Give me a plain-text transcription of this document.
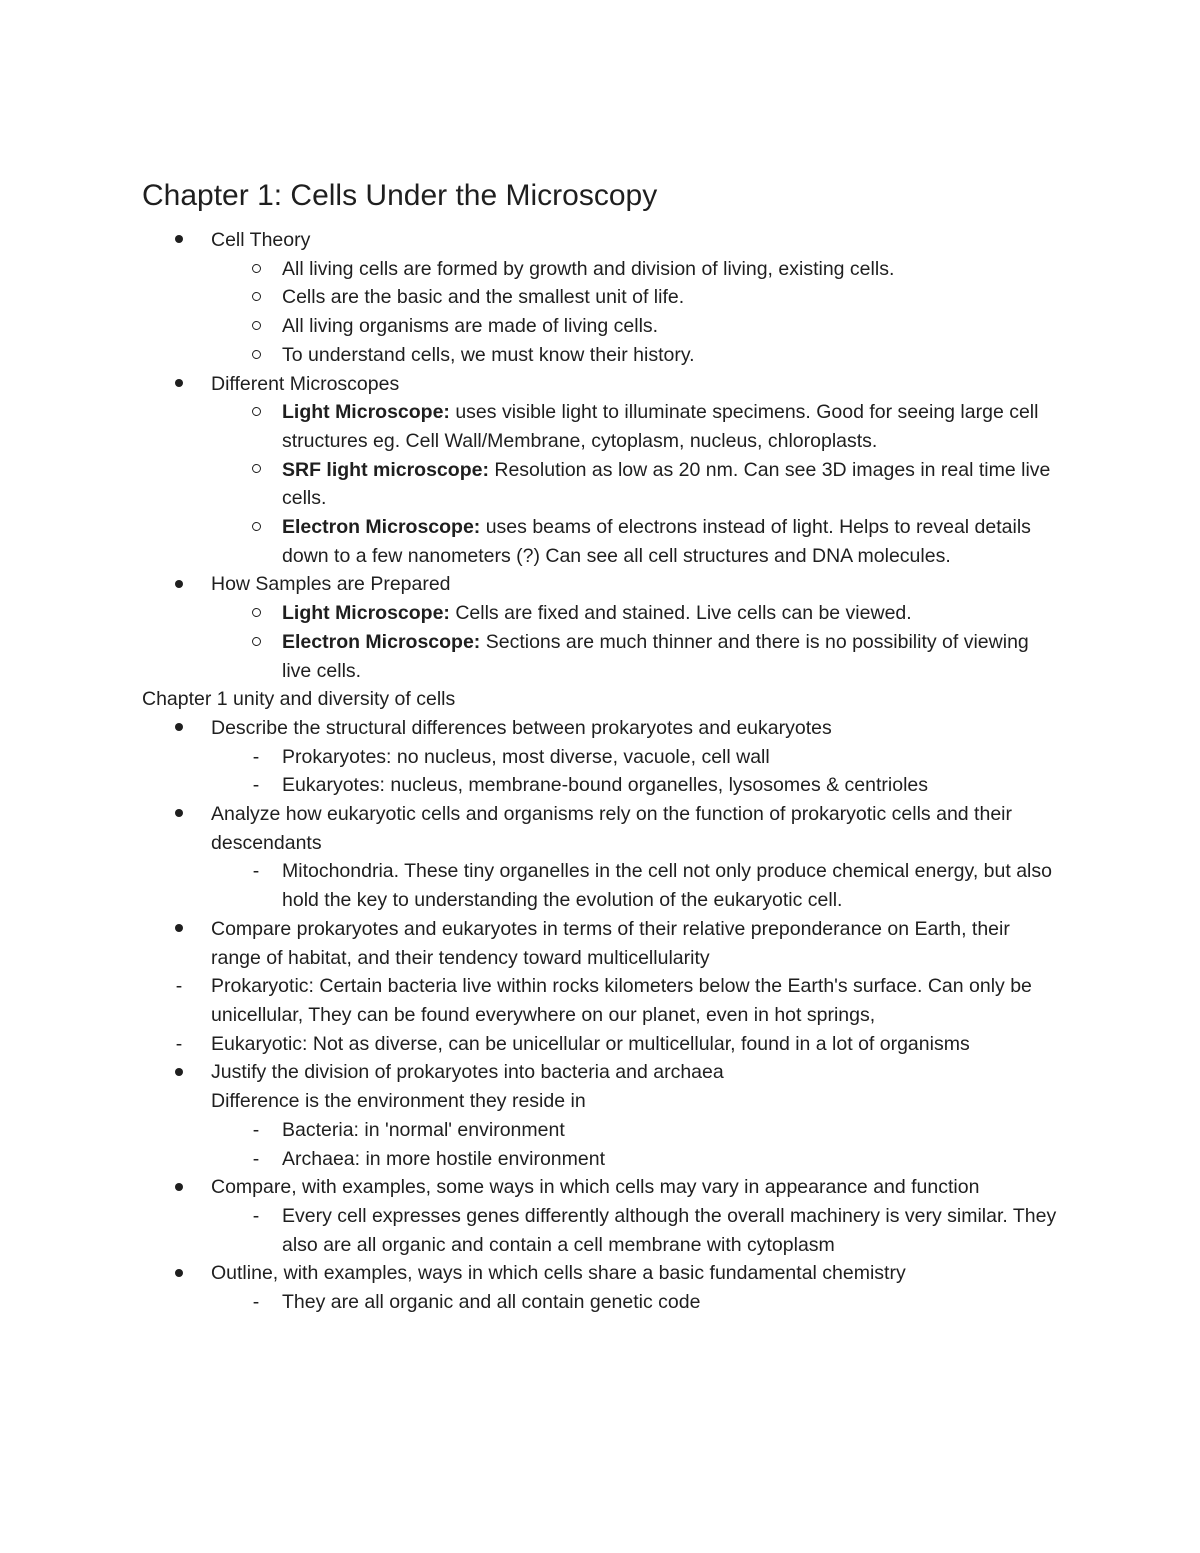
Chapter 1: Cells Under the Microscopy
Cell Theory
All living cells are formed by growth and division of living, existing cells.
Cells are the basic and the smallest unit of life.
All living organisms are made of living cells.
To understand cells, we must know their history.
Different Microscopes
Light Microscope: uses visible light to illuminate specimens. Good for seeing large cell structures eg. Cell Wall/Membrane, cytoplasm, nucleus, chloroplasts.
SRF light microscope: Resolution as low as 20 nm. Can see 3D images in real time live cells.
Electron Microscope: uses beams of electrons instead of light. Helps to reveal details down to a few nanometers (?) Can see all cell structures and DNA molecules.
How Samples are Prepared
Light Microscope: Cells are fixed and stained. Live cells can be viewed.
Electron Microscope: Sections are much thinner and there is no possibility of viewing live cells.
Chapter 1 unity and diversity of cells
Describe the structural differences between prokaryotes and eukaryotes
-	Prokaryotes: no nucleus, most diverse, vacuole, cell wall
-	Eukaryotes: nucleus, membrane-bound organelles, lysosomes & centrioles
Analyze how eukaryotic cells and organisms rely on the function of prokaryotic cells and their descendants
-	Mitochondria. These tiny organelles in the cell not only produce chemical energy, but also hold the key to understanding the evolution of the eukaryotic cell.
Compare prokaryotes and eukaryotes in terms of their relative preponderance on Earth, their range of habitat, and their tendency toward multicellularity
-	Prokaryotic: Certain bacteria live within rocks kilometers below the Earth's surface. Can only be unicellular, They can be found everywhere on our planet, even in hot springs,
-	Eukaryotic: Not as diverse, can be unicellular or multicellular, found in a lot of organisms
Justify the division of prokaryotes into bacteria and archaea
Difference is the environment they reside in
-	Bacteria: in 'normal' environment
-	Archaea: in more hostile environment
Compare, with examples, some ways in which cells may vary in appearance and function
-	Every cell expresses genes differently although the overall machinery is very similar. They also are all organic and contain a cell membrane with cytoplasm
Outline, with examples, ways in which cells share a basic fundamental chemistry
-	They are all organic and all contain genetic code
